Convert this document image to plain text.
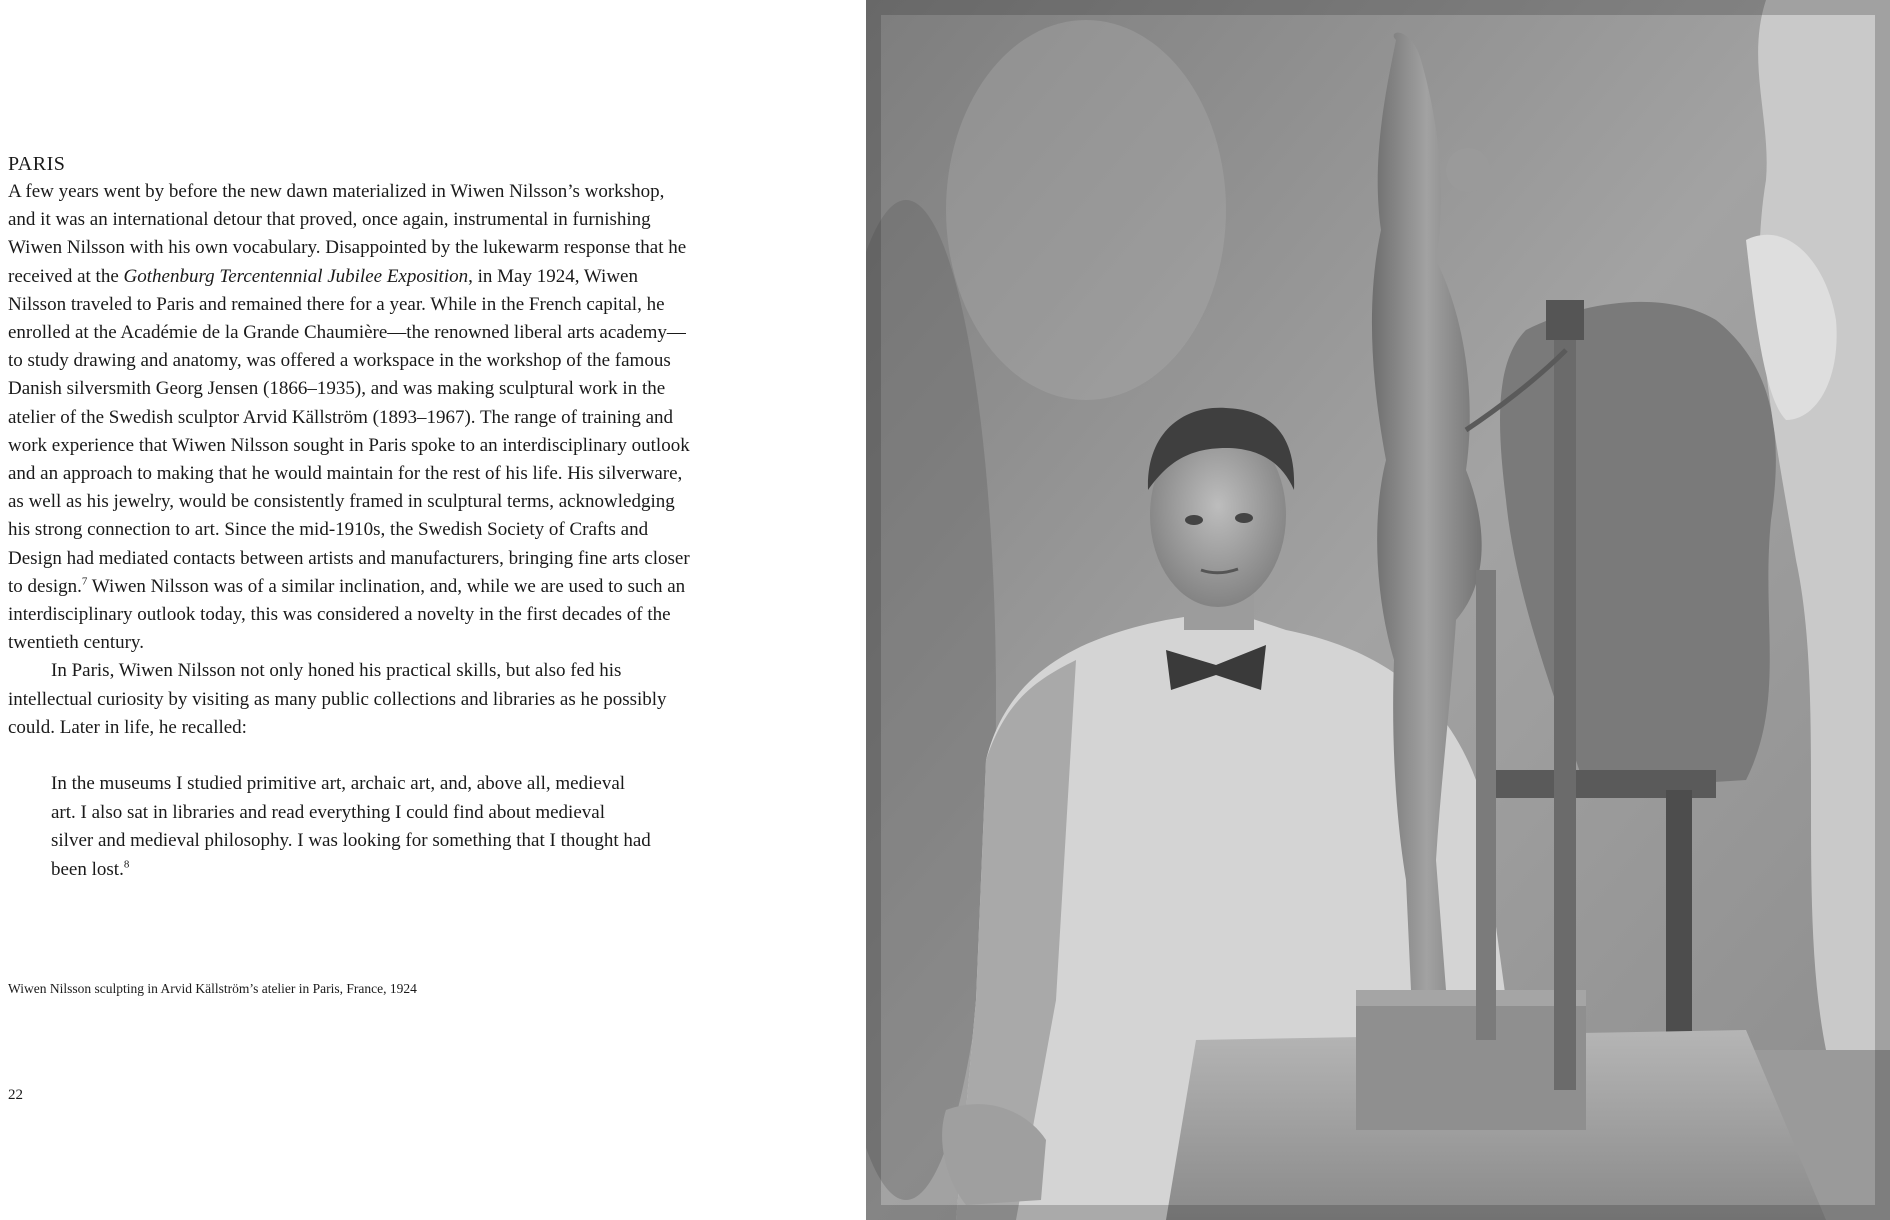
PARIS

A few years went by before the new dawn materialized in Wiwen Nilsson’s workshop, and it was an international detour that proved, once again, instrumental in furnishing Wiwen Nilsson with his own vocabulary. Disappointed by the lukewarm response that he received at the Gothenburg Tercentennial Jubilee Exposition, in May 1924, Wiwen Nilsson traveled to Paris and remained there for a year. While in the French capital, he enrolled at the Académie de la Grande Chaumière—the renowned liberal arts academy—to study drawing and anatomy, was offered a workspace in the workshop of the famous Danish silversmith Georg Jensen (1866–1935), and was making sculptural work in the atelier of the Swedish sculptor Arvid Källström (1893–1967). The range of training and work experience that Wiwen Nilsson sought in Paris spoke to an interdisciplinary outlook and an approach to making that he would maintain for the rest of his life. His silverware, as well as his jewelry, would be consistently framed in sculptural terms, acknowledging his strong connection to art. Since the mid-1910s, the Swedish Society of Crafts and Design had mediated contacts between artists and manufacturers, bringing fine arts closer to design.$^7$ Wiwen Nilsson was of a similar inclination, and, while we are used to such an interdisciplinary outlook today, this was considered a novelty in the first decades of the twentieth century.

In Paris, Wiwen Nilsson not only honed his practical skills, but also fed his intellectual curiosity by visiting as many public collections and libraries as he possibly could. Later in life, he recalled:

In the museums I studied primitive art, archaic art, and, above all, medieval art. I also sat in libraries and read everything I could find about medieval silver and medieval philosophy. I was looking for something that I thought had been lost.$^8$

Wiwen Nilsson sculpting in Arvid Källström’s atelier in Paris, France, 1924
22
